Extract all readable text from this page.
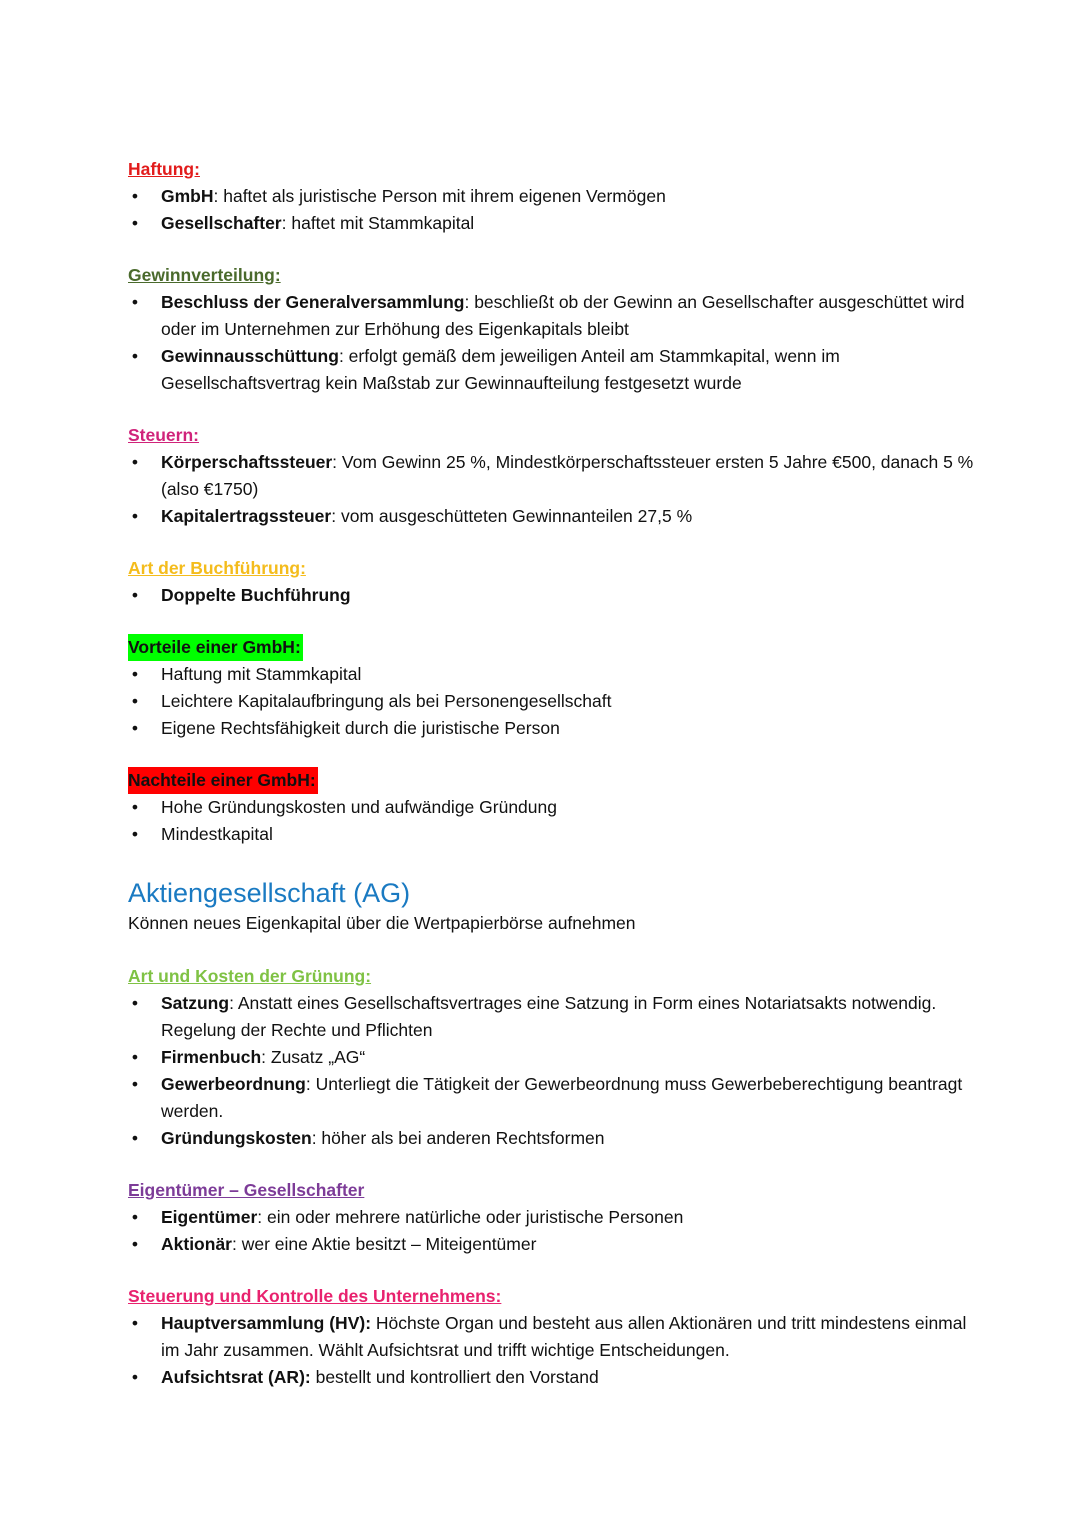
Haftung:
• GmbH: haftet als juristische Person mit ihrem eigenen Vermögen
• Gesellschafter: haftet mit Stammkapital
Gewinnverteilung:
• Beschluss der Generalversammlung: beschließt ob der Gewinn an Gesellschafter ausgeschüttet wird oder im Unternehmen zur Erhöhung des Eigenkapitals bleibt
• Gewinnausschüttung: erfolgt gemäß dem jeweiligen Anteil am Stammkapital, wenn im Gesellschaftsvertrag kein Maßstab zur Gewinnaufteilung festgesetzt wurde
Steuern:
• Körperschaftssteuer: Vom Gewinn 25 %, Mindestkörperschaftssteuer ersten 5 Jahre €500, danach 5 % (also €1750)
• Kapitalertragssteuer: vom ausgeschütteten Gewinnanteilen 27,5 %
Art der Buchführung:
• Doppelte Buchführung
Vorteile einer GmbH:
• Haftung mit Stammkapital
• Leichtere Kapitalaufbringung als bei Personengesellschaft
• Eigene Rechtsfähigkeit durch die juristische Person
Nachteile einer GmbH:
• Hohe Gründungskosten und aufwändige Gründung
• Mindestkapital
Aktiengesellschaft (AG)
Können neues Eigenkapital über die Wertpapierbörse aufnehmen
Art und Kosten der Grünung:
• Satzung: Anstatt eines Gesellschaftsvertrages eine Satzung in Form eines Notariatsakts notwendig. Regelung der Rechte und Pflichten
• Firmenbuch: Zusatz „AG“
• Gewerbeordnung: Unterliegt die Tätigkeit der Gewerbeordnung muss Gewerbeberechtigung beantragt werden.
• Gründungskosten: höher als bei anderen Rechtsformen
Eigentümer – Gesellschafter
• Eigentümer: ein oder mehrere natürliche oder juristische Personen
• Aktionär: wer eine Aktie besitzt – Miteigentümer
Steuerung und Kontrolle des Unternehmens:
• Hauptversammlung (HV): Höchste Organ und besteht aus allen Aktionären und tritt mindestens einmal im Jahr zusammen. Wählt Aufsichtsrat und trifft wichtige Entscheidungen.
• Aufsichtsrat (AR): bestellt und kontrolliert den Vorstand
